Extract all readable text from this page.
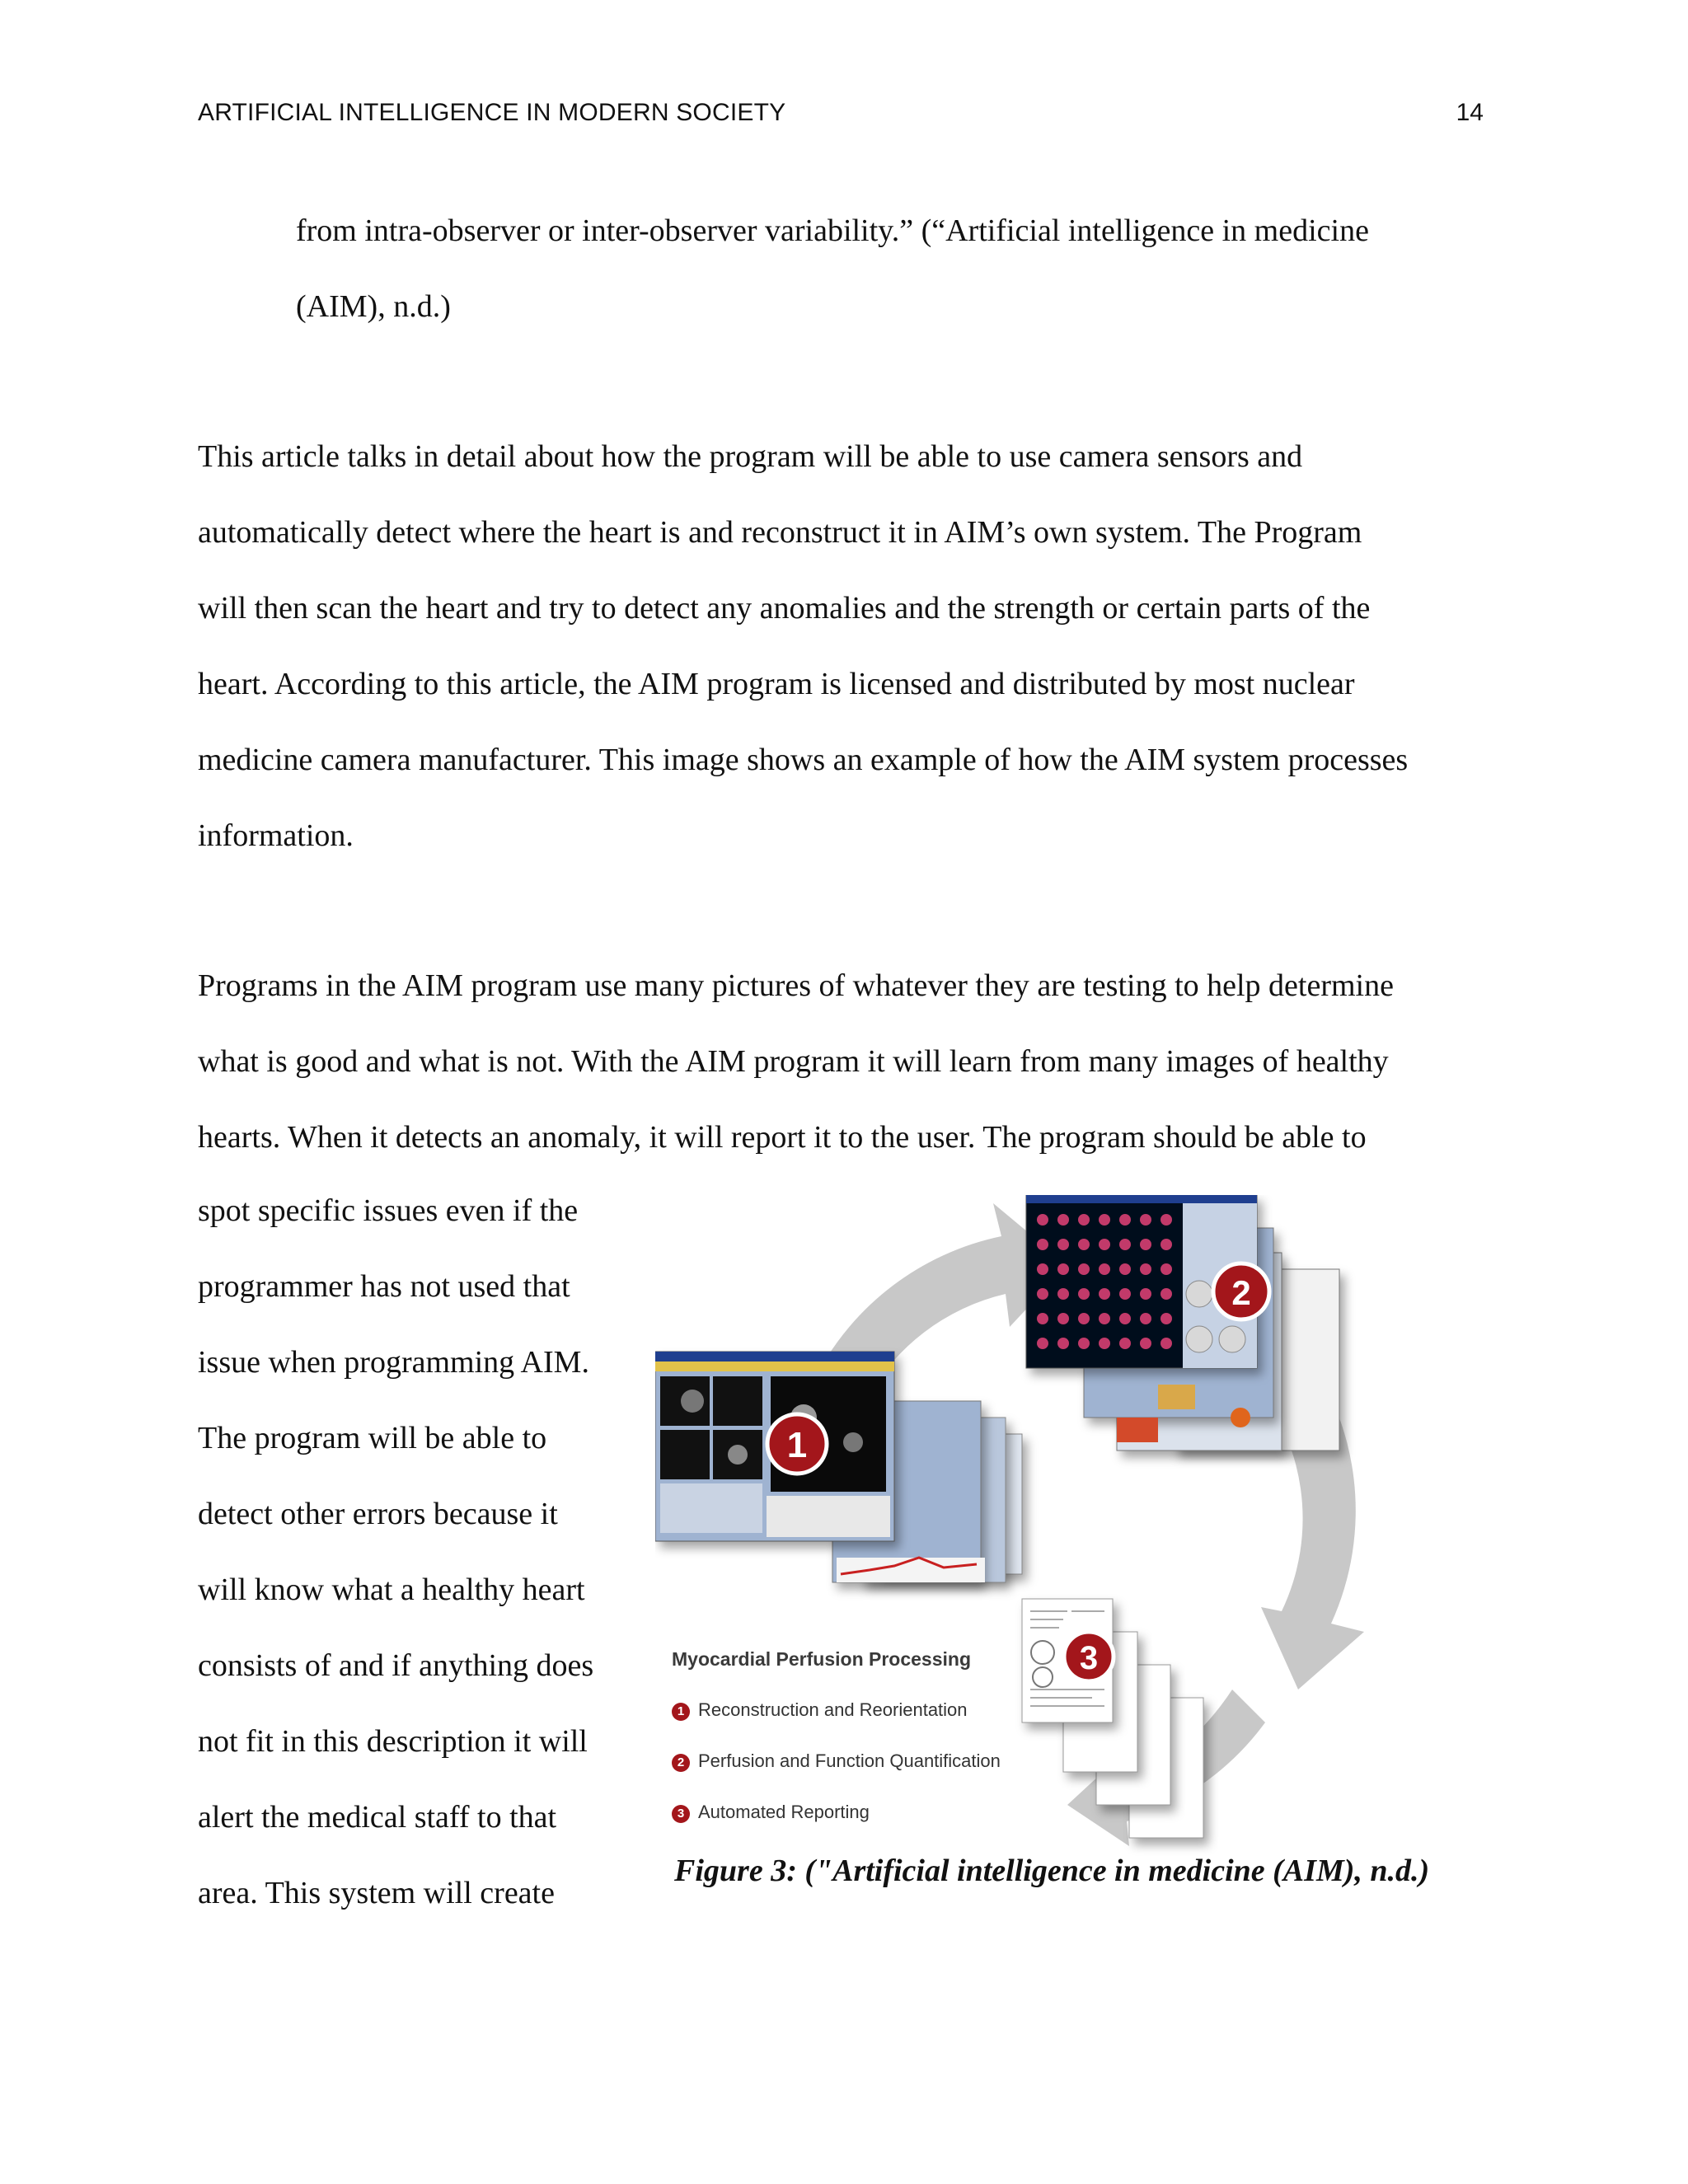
ARTIFICIAL INTELLIGENCE IN MODERN SOCIETY	14
from intra-observer or inter-observer variability.” (“Artificial intelligence in medicine
(AIM), n.d.)
This article talks in detail about how the program will be able to use camera sensors and
automatically detect where the heart is and reconstruct it in AIM’s own system. The Program
will then scan the heart and try to detect any anomalies and the strength or certain parts of the
heart. According to this article, the AIM program is licensed and distributed by most nuclear
medicine camera manufacturer. This image shows an example of how the AIM system processes
information.
Programs in the AIM program use many pictures of whatever they are testing to help determine
what is good and what is not. With the AIM program it will learn from many images of healthy
hearts. When it detects an anomaly, it will report it to the user. The program should be able to
spot specific issues even if the
programmer has not used that
issue when programming AIM.
The program will be able to
detect other errors because it
will know what a healthy heart
consists of and if anything does
not fit in this description it will
alert the medical staff to that
area. This system will create
1
2
3
Myocardial Perfusion Processing
1 Reconstruction and Reorientation
2 Perfusion and Function Quantification
3 Automated Reporting
Figure 3: ("Artificial intelligence in medicine (AIM), n.d.)
